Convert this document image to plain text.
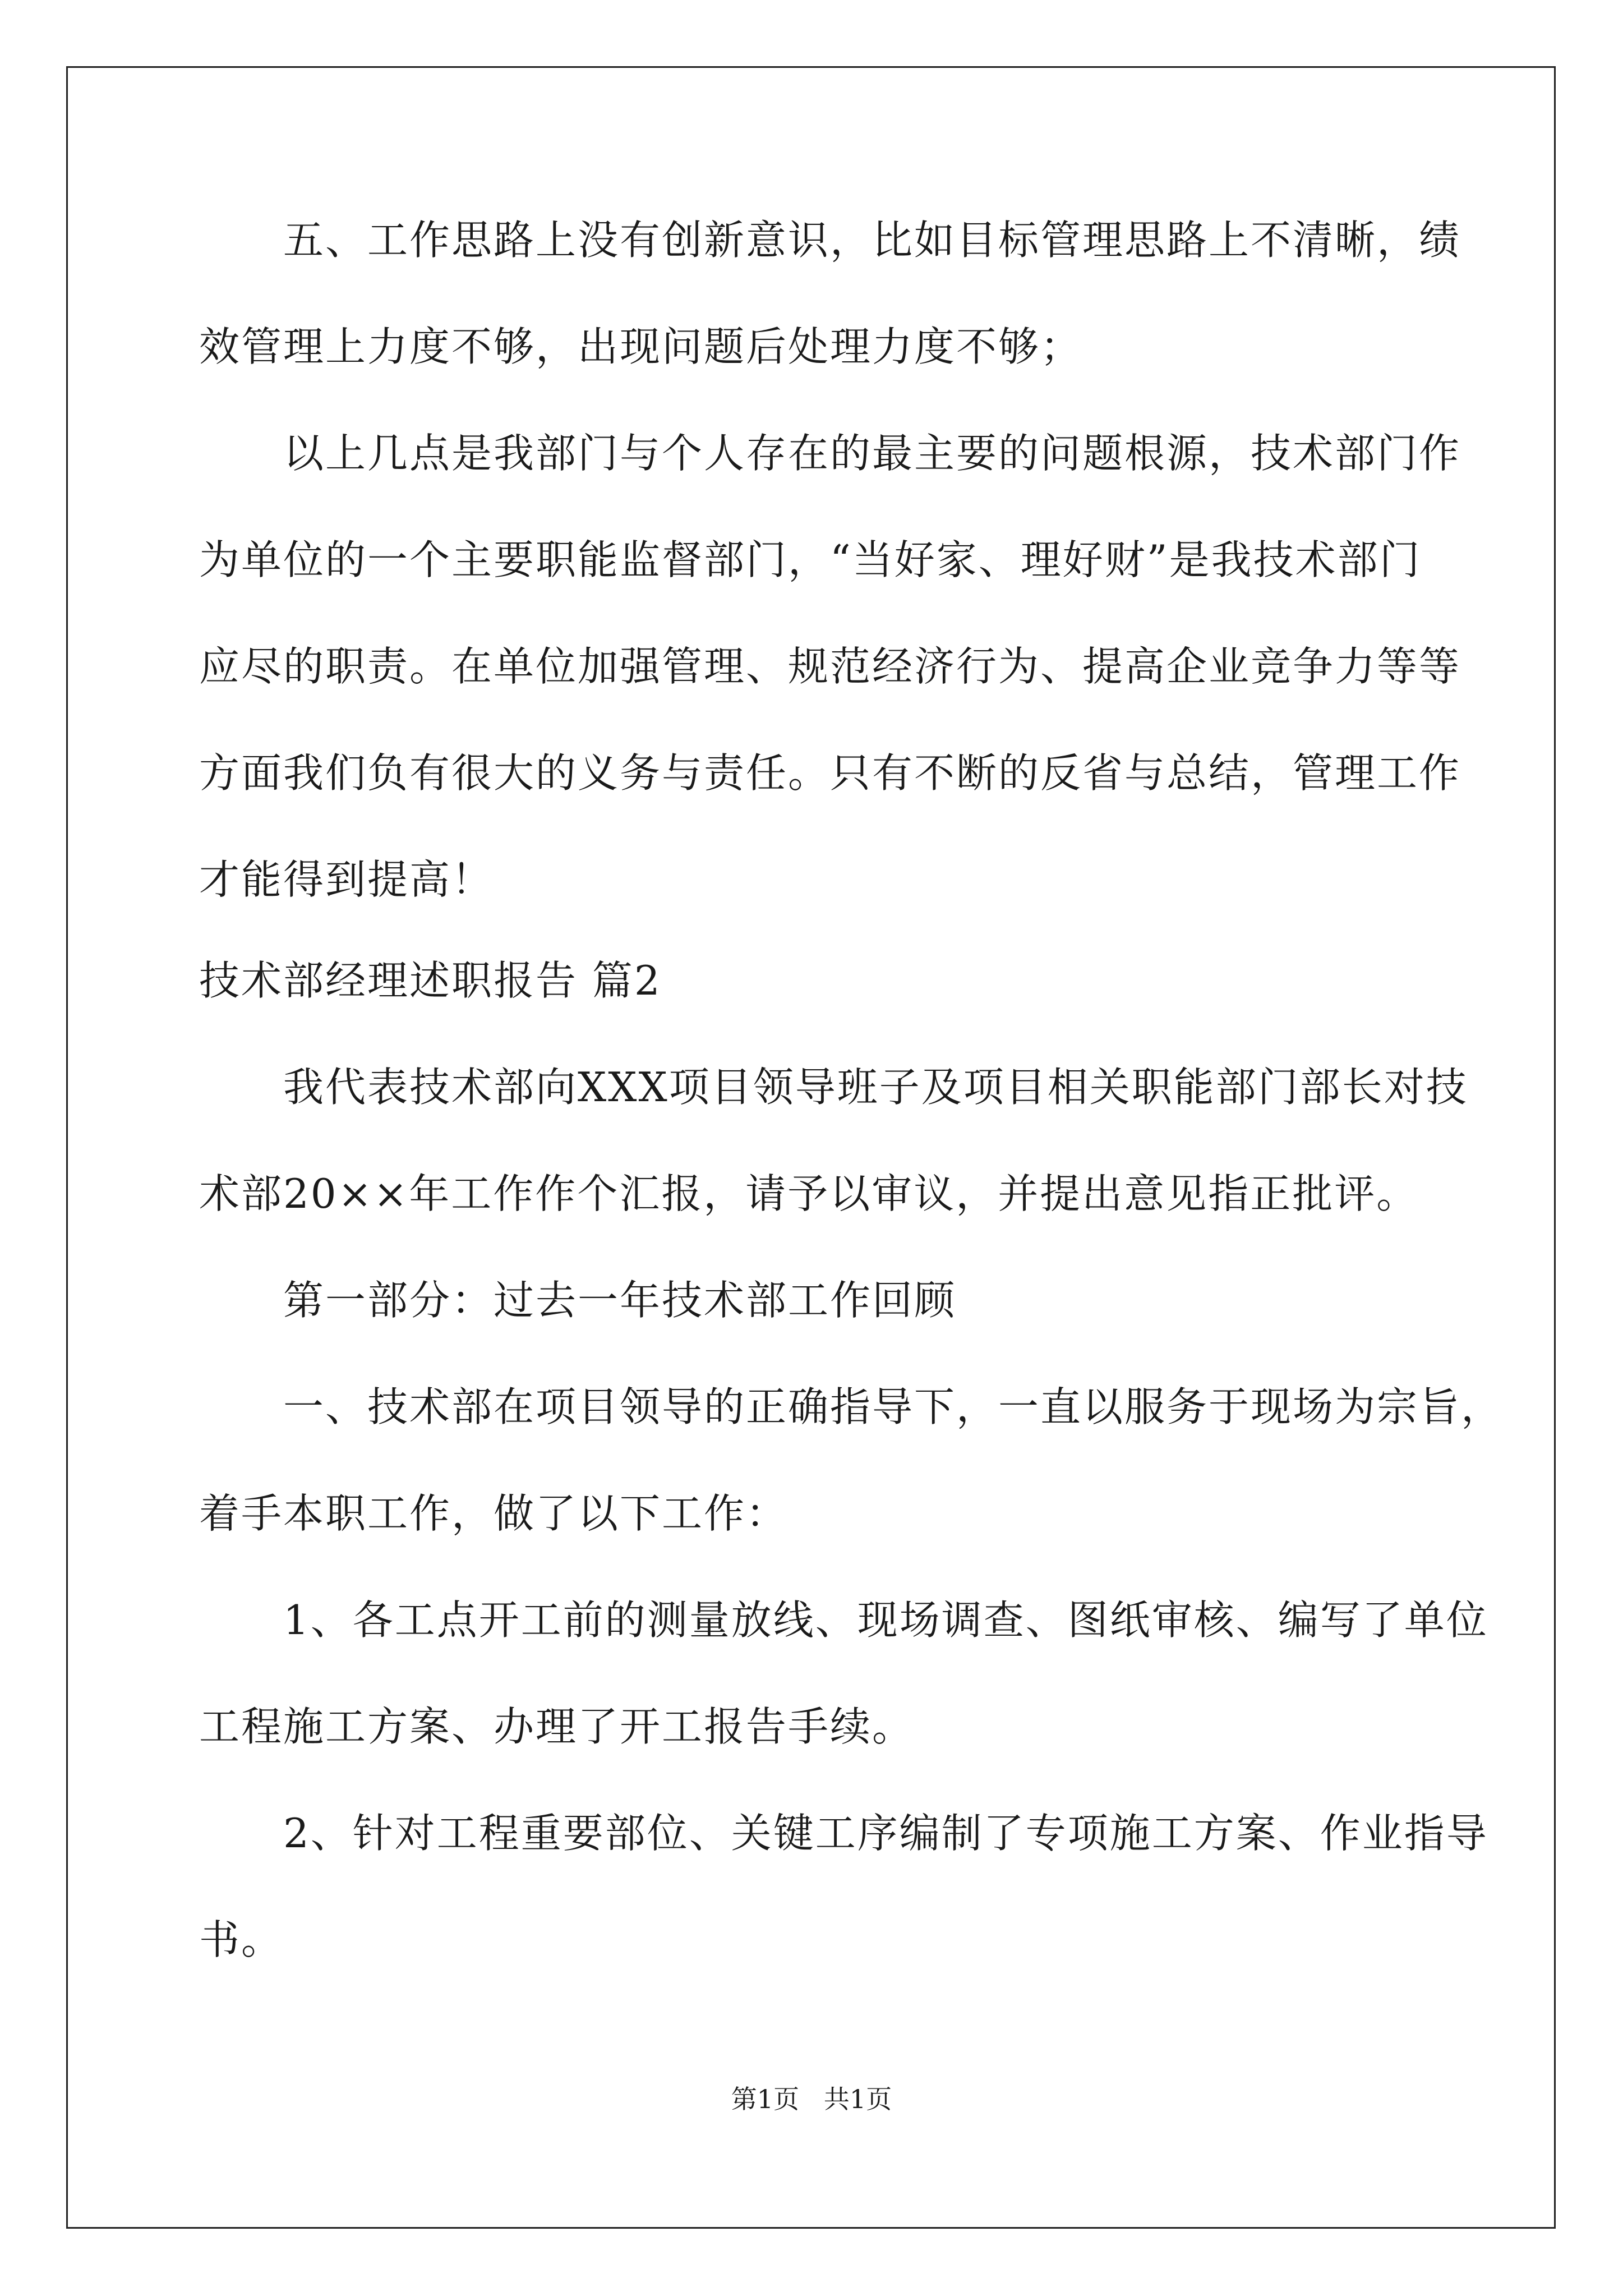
五、工作思路上没有创新意识，比如目标管理思路上不清晰，绩
效管理上力度不够，出现问题后处理力度不够；
以上几点是我部门与个人存在的最主要的问题根源，技术部门作
为单位的一个主要职能监督部门，“当好家、理好财”是我技术部门
应尽的职责。在单位加强管理、规范经济行为、提高企业竞争力等等
方面我们负有很大的义务与责任。只有不断的反省与总结，管理工作
才能得到提高！
技术部经理述职报告 篇2
我代表技术部向XXX项目领导班子及项目相关职能部门部长对技
术部20××年工作作个汇报，请予以审议，并提出意见指正批评。
第一部分：过去一年技术部工作回顾
一、技术部在项目领导的正确指导下，一直以服务于现场为宗旨，
着手本职工作，做了以下工作：
1、各工点开工前的测量放线、现场调查、图纸审核、编写了单位
工程施工方案、办理了开工报告手续。
2、针对工程重要部位、关键工序编制了专项施工方案、作业指导
书。
第1页   共1页
